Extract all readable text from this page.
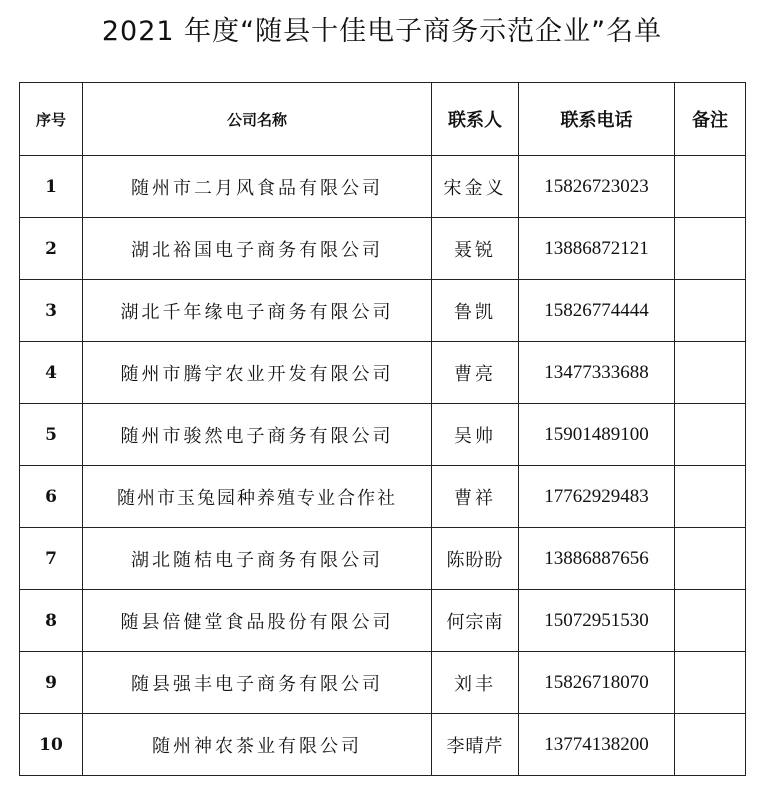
2021 年度“随县十佳电子商务示范企业”名单
序号	公司名称	联系人	联系电话	备注
1	随州市二月风食品有限公司	宋金义	15826723023	
2	湖北裕国电子商务有限公司	聂锐	13886872121	
3	湖北千年缘电子商务有限公司	鲁凯	15826774444	
4	随州市腾宇农业开发有限公司	曹亮	13477333688	
5	随州市骏然电子商务有限公司	吴帅	15901489100	
6	随州市玉兔园种养殖专业合作社	曹祥	17762929483	
7	湖北随桔电子商务有限公司	陈盼盼	13886887656	
8	随县倍健堂食品股份有限公司	何宗南	15072951530	
9	随县强丰电子商务有限公司	刘丰	15826718070	
10	随州神农茶业有限公司	李晴芹	13774138200	
